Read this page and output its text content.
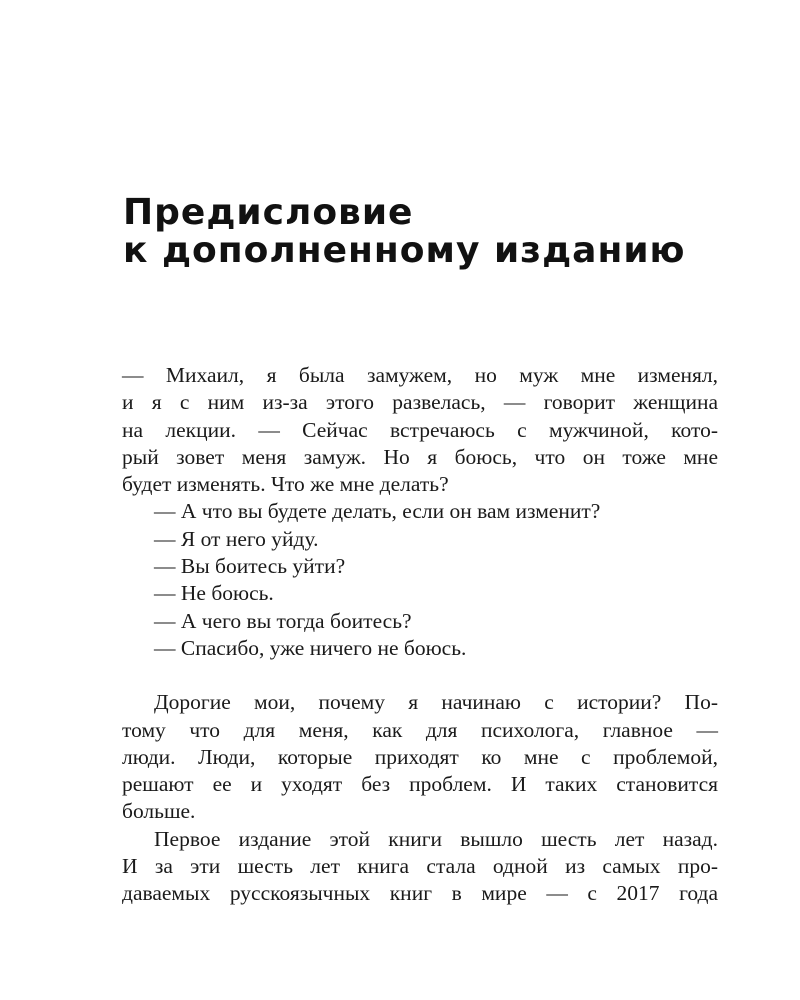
Предисловие
к дополненному изданию
— Михаил, я была замужем, но муж мне изменял,
и я с ним из-за этого развелась, — говорит женщина
на лекции. — Сейчас встречаюсь с мужчиной, кото-
рый зовет меня замуж. Но я боюсь, что он тоже мне
будет изменять. Что же мне делать?
— А что вы будете делать, если он вам изменит?
— Я от него уйду.
— Вы боитесь уйти?
— Не боюсь.
— А чего вы тогда боитесь?
— Спасибо, уже ничего не боюсь.
Дорогие мои, почему я начинаю с истории? По-
тому что для меня, как для психолога, главное —
люди. Люди, которые приходят ко мне с проблемой,
решают ее и уходят без проблем. И таких становится
больше.
Первое издание этой книги вышло шесть лет назад.
И за эти шесть лет книга стала одной из самых про-
даваемых русскоязычных книг в мире — с 2017 года
